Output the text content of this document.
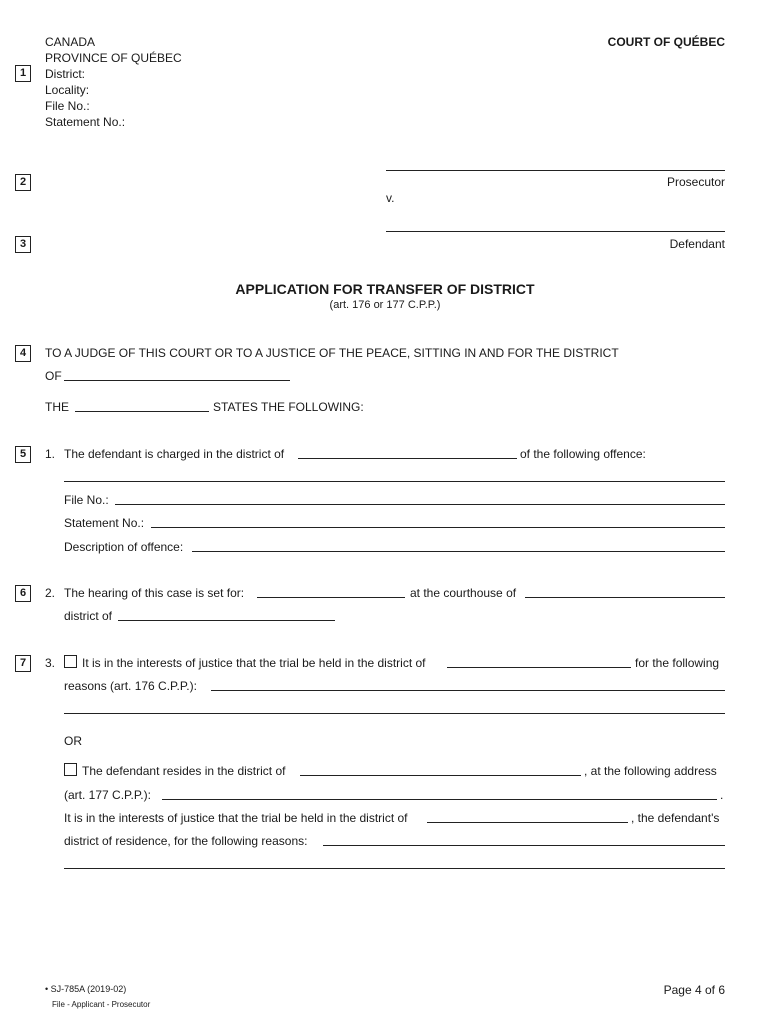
CANADA
PROVINCE OF QUÉBEC
District:
Locality:
File No.:
Statement No.:
COURT OF QUÉBEC
1
2
3
4
5
6
7
Prosecutor
v.
Defendant
APPLICATION FOR TRANSFER OF DISTRICT
(art. 176 or 177 C.P.P.)
TO A JUDGE OF THIS COURT OR TO A JUSTICE OF THE PEACE, SITTING IN AND FOR THE DISTRICT
OF
THE	STATES THE FOLLOWING:
1. The defendant is charged in the district of	of the following offence:
File No.:
Statement No.:
Description of offence:
2. The hearing of this case is set for:	at the courthouse of
district of
3. It is in the interests of justice that the trial be held in the district of	for the following
reasons (art. 176 C.P.P.):
OR
The defendant resides in the district of	, at the following address
(art. 177 C.P.P.):	.
It is in the interests of justice that the trial be held in the district of	, the defendant's
district of residence, for the following reasons:
• SJ-785A (2019-02)
File - Applicant - Prosecutor
Page 4 of 6
